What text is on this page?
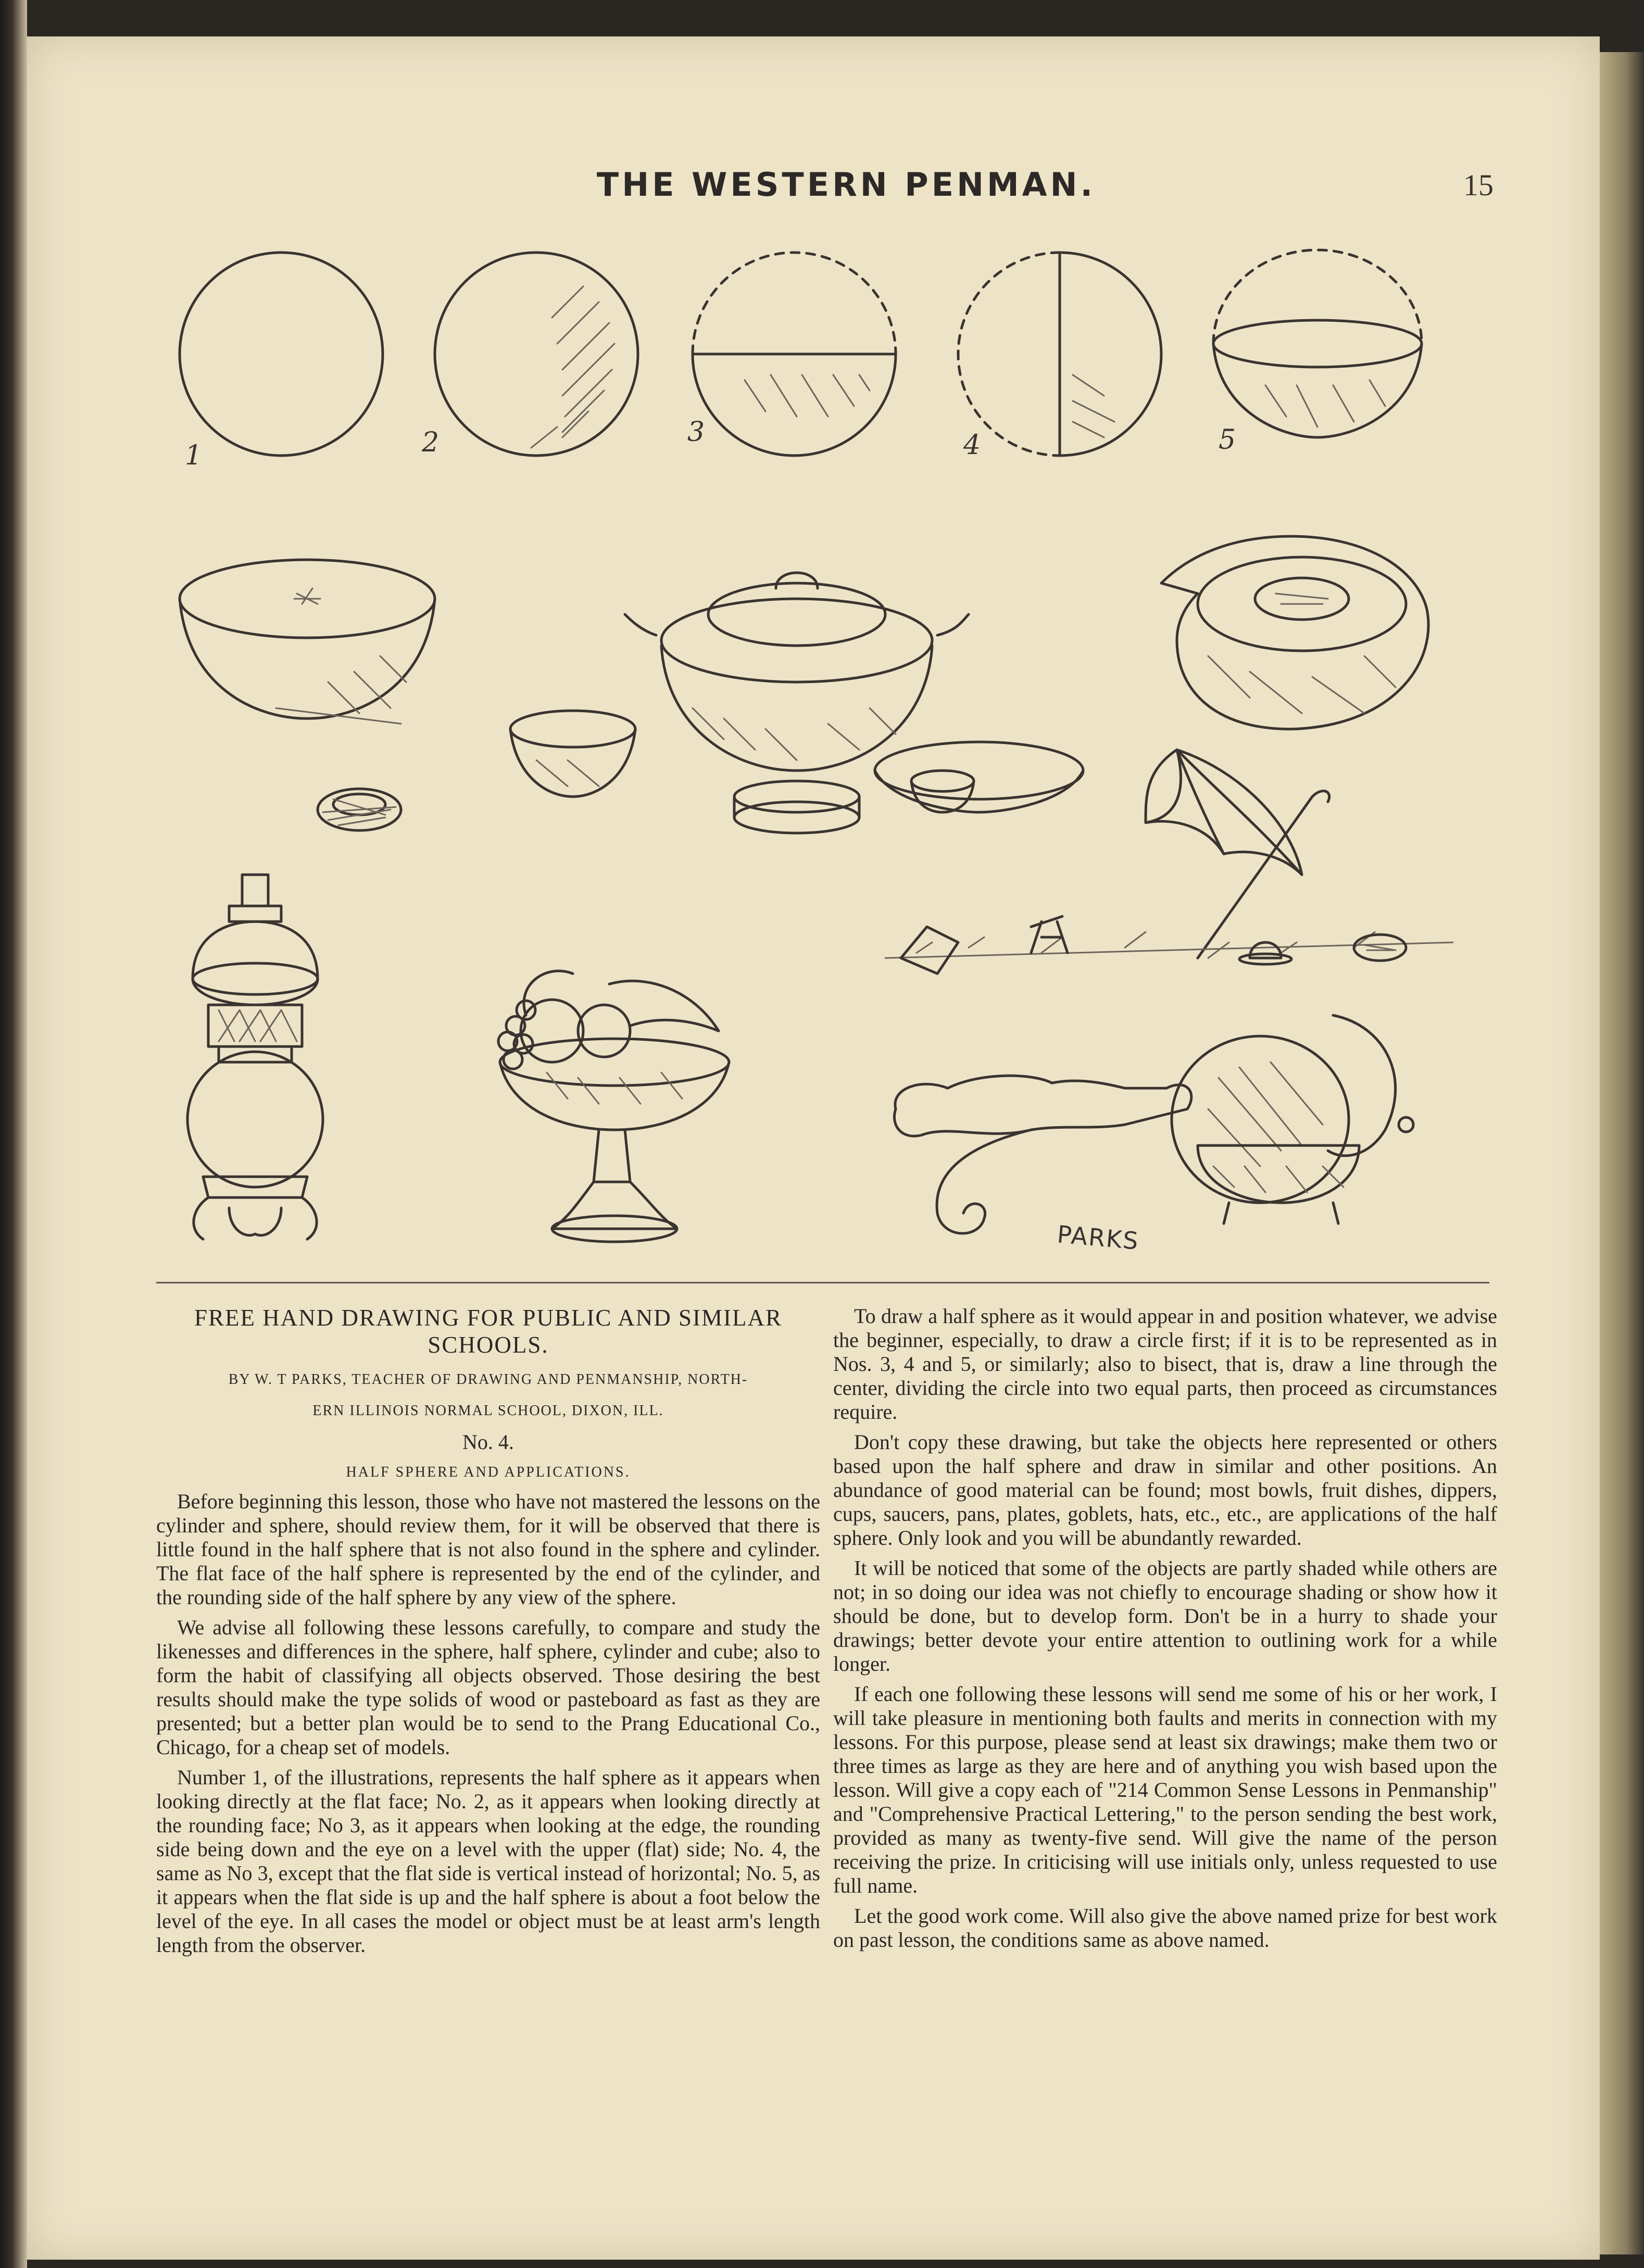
THE WESTERN PENMAN.	15
1	2	3	4	5
PARKS
FREE HAND DRAWING FOR PUBLIC AND SIMILAR SCHOOLS.
BY W. T PARKS, TEACHER OF DRAWING AND PENMANSHIP, NORTH-
ERN ILLINOIS NORMAL SCHOOL, DIXON, ILL.
No. 4.
HALF SPHERE AND APPLICATIONS.

Before beginning this lesson, those who have not mastered the lessons on the cylinder and sphere, should review them, for it will be observed that there is little found in the half sphere that is not also found in the sphere and cylinder. The flat face of the half sphere is represented by the end of the cylinder, and the rounding side of the half sphere by any view of the sphere.

We advise all following these lessons carefully, to compare and study the likenesses and differences in the sphere, half sphere, cylinder and cube; also to form the habit of classifying all objects observed. Those desiring the best results should make the type solids of wood or pasteboard as fast as they are presented; but a better plan would be to send to the Prang Educational Co., Chicago, for a cheap set of models.

Number 1, of the illustrations, represents the half sphere as it appears when looking directly at the flat face; No. 2, as it appears when looking directly at the rounding face; No 3, as it appears when looking at the edge, the rounding side being down and the eye on a level with the upper (flat) side; No. 4, the same as No 3, except that the flat side is vertical instead of horizontal; No. 5, as it appears when the flat side is up and the half sphere is about a foot below the level of the eye. In all cases the model or object must be at least arm's length length from the observer.

To draw a half sphere as it would appear in and position whatever, we advise the beginner, especially, to draw a circle first; if it is to be represented as in Nos. 3, 4 and 5, or similarly; also to bisect, that is, draw a line through the center, dividing the circle into two equal parts, then proceed as circumstances require.

Don't copy these drawing, but take the objects here represented or others based upon the half sphere and draw in similar and other positions. An abundance of good material can be found; most bowls, fruit dishes, dippers, cups, saucers, pans, plates, goblets, hats, etc., etc., are applications of the half sphere. Only look and you will be abundantly rewarded.

It will be noticed that some of the objects are partly shaded while others are not; in so doing our idea was not chiefly to encourage shading or show how it should be done, but to develop form. Don't be in a hurry to shade your drawings; better devote your entire attention to outlining work for a while longer.

If each one following these lessons will send me some of his or her work, I will take pleasure in mentioning both faults and merits in connection with my lessons. For this purpose, please send at least six drawings; make them two or three times as large as they are here and of anything you wish based upon the lesson. Will give a copy each of "214 Common Sense Lessons in Penmanship" and "Comprehensive Practical Lettering," to the person sending the best work, provided as many as twenty-five send. Will give the name of the person receiving the prize. In criticising will use initials only, unless requested to use full name.

Let the good work come. Will also give the above named prize for best work on past lesson, the conditions same as above named.
